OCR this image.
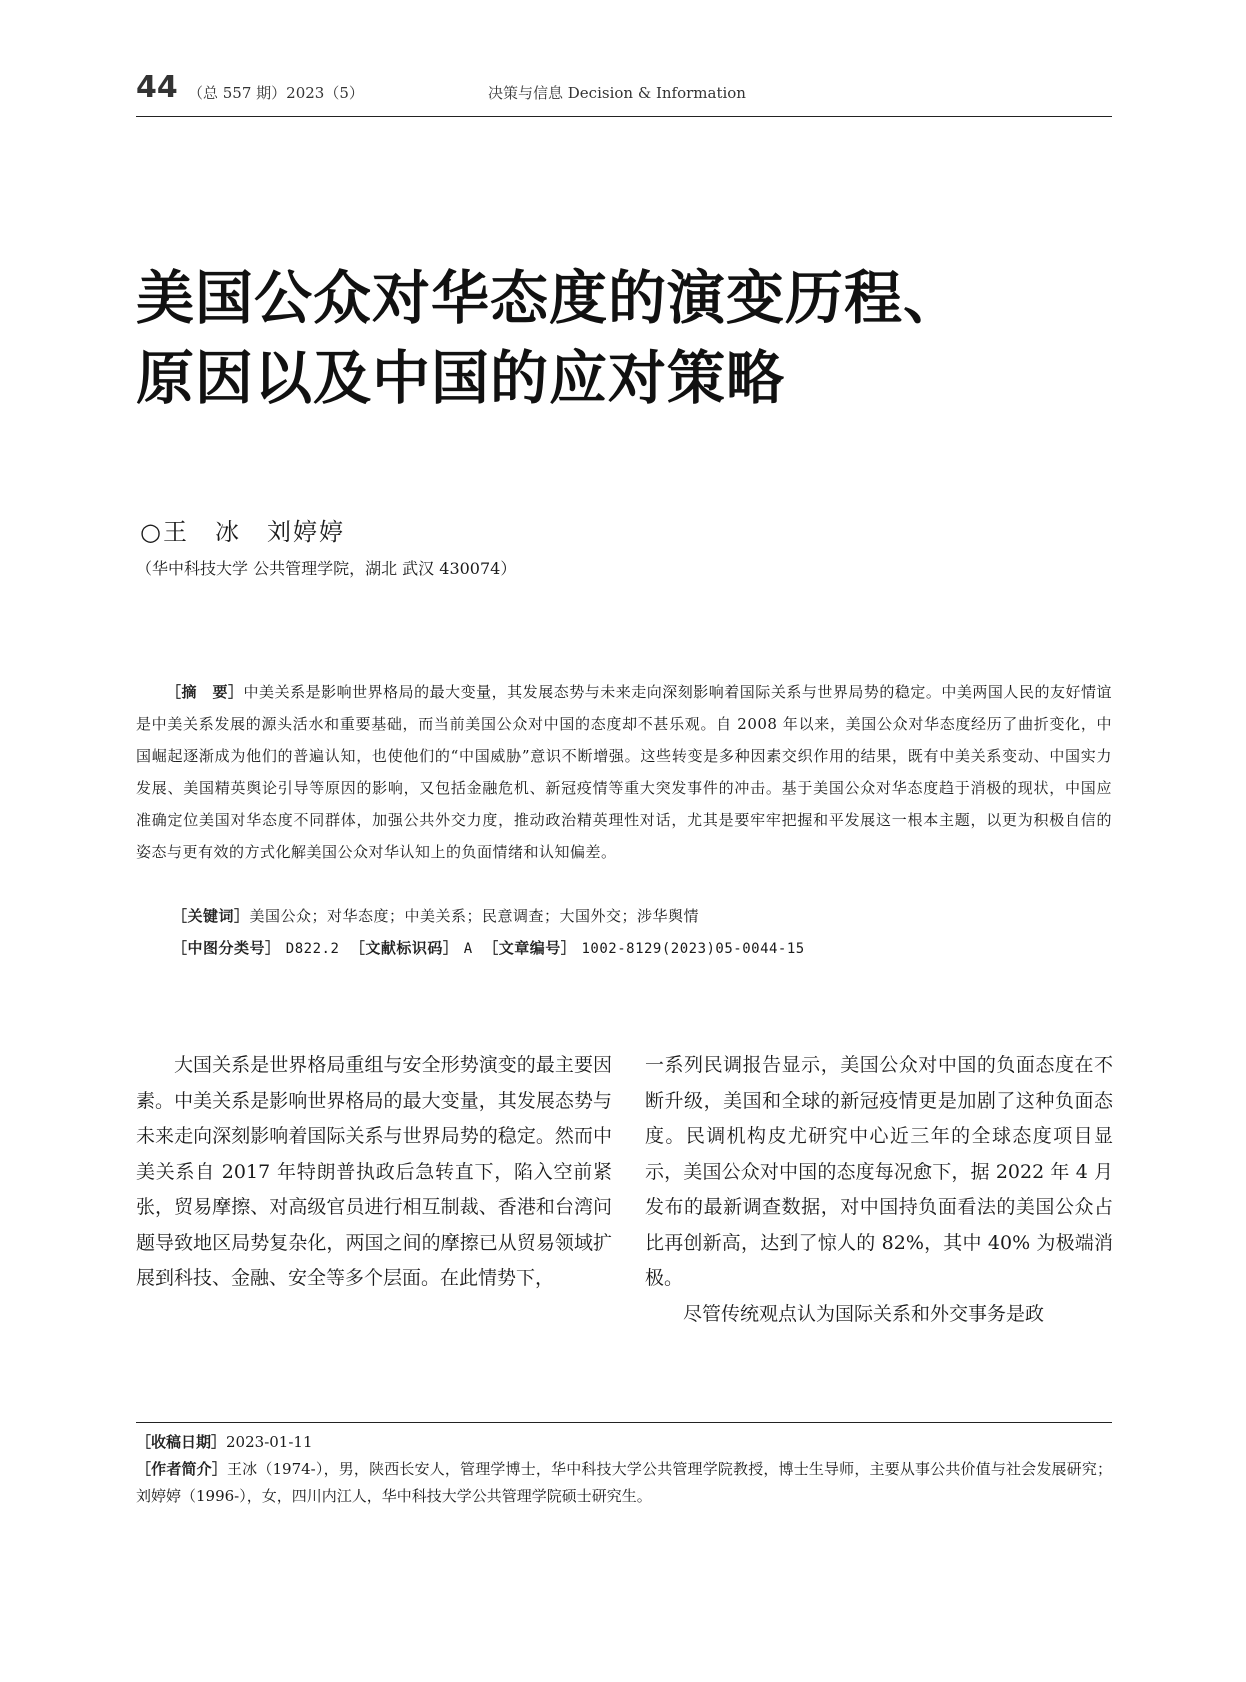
44 （总 557 期）2023（5）	决策与信息 Decision & Information
美国公众对华态度的演变历程、
原因以及中国的应对策略
○王　冰　刘婷婷
（华中科技大学 公共管理学院，湖北 武汉 430074）
［摘　要］中美关系是影响世界格局的最大变量，其发展态势与未来走向深刻影响着国际关系与世界局势的稳定。中美两国人民的友好情谊是中美关系发展的源头活水和重要基础，而当前美国公众对中国的态度却不甚乐观。自 2008 年以来，美国公众对华态度经历了曲折变化，中国崛起逐渐成为他们的普遍认知，也使他们的“中国威胁”意识不断增强。这些转变是多种因素交织作用的结果，既有中美关系变动、中国实力发展、美国精英舆论引导等原因的影响，又包括金融危机、新冠疫情等重大突发事件的冲击。基于美国公众对华态度趋于消极的现状，中国应准确定位美国对华态度不同群体，加强公共外交力度，推动政治精英理性对话，尤其是要牢牢把握和平发展这一根本主题，以更为积极自信的姿态与更有效的方式化解美国公众对华认知上的负面情绪和认知偏差。
［关键词］美国公众；对华态度；中美关系；民意调查；大国外交；涉华舆情
［中图分类号］ D822.2 ［文献标识码］ A ［文章编号］ 1002-8129(2023)05-0044-15
大国关系是世界格局重组与安全形势演变的最主要因素。中美关系是影响世界格局的最大变量，其发展态势与未来走向深刻影响着国际关系与世界局势的稳定。然而中美关系自 2017 年特朗普执政后急转直下，陷入空前紧张，贸易摩擦、对高级官员进行相互制裁、香港和台湾问题导致地区局势复杂化，两国之间的摩擦已从贸易领域扩展到科技、金融、安全等多个层面。在此情势下，

一系列民调报告显示，美国公众对中国的负面态度在不断升级，美国和全球的新冠疫情更是加剧了这种负面态度。民调机构皮尤研究中心近三年的全球态度项目显示，美国公众对中国的态度每况愈下，据 2022 年 4 月发布的最新调查数据，对中国持负面看法的美国公众占比再创新高，达到了惊人的 82%，其中 40% 为极端消极。

尽管传统观点认为国际关系和外交事务是政

［收稿日期］2023-01-11

［作者简介］王冰（1974-），男，陕西长安人，管理学博士，华中科技大学公共管理学院教授，博士生导师，主要从事公共价值与社会发展研究；刘婷婷（1996-），女，四川内江人，华中科技大学公共管理学院硕士研究生。
